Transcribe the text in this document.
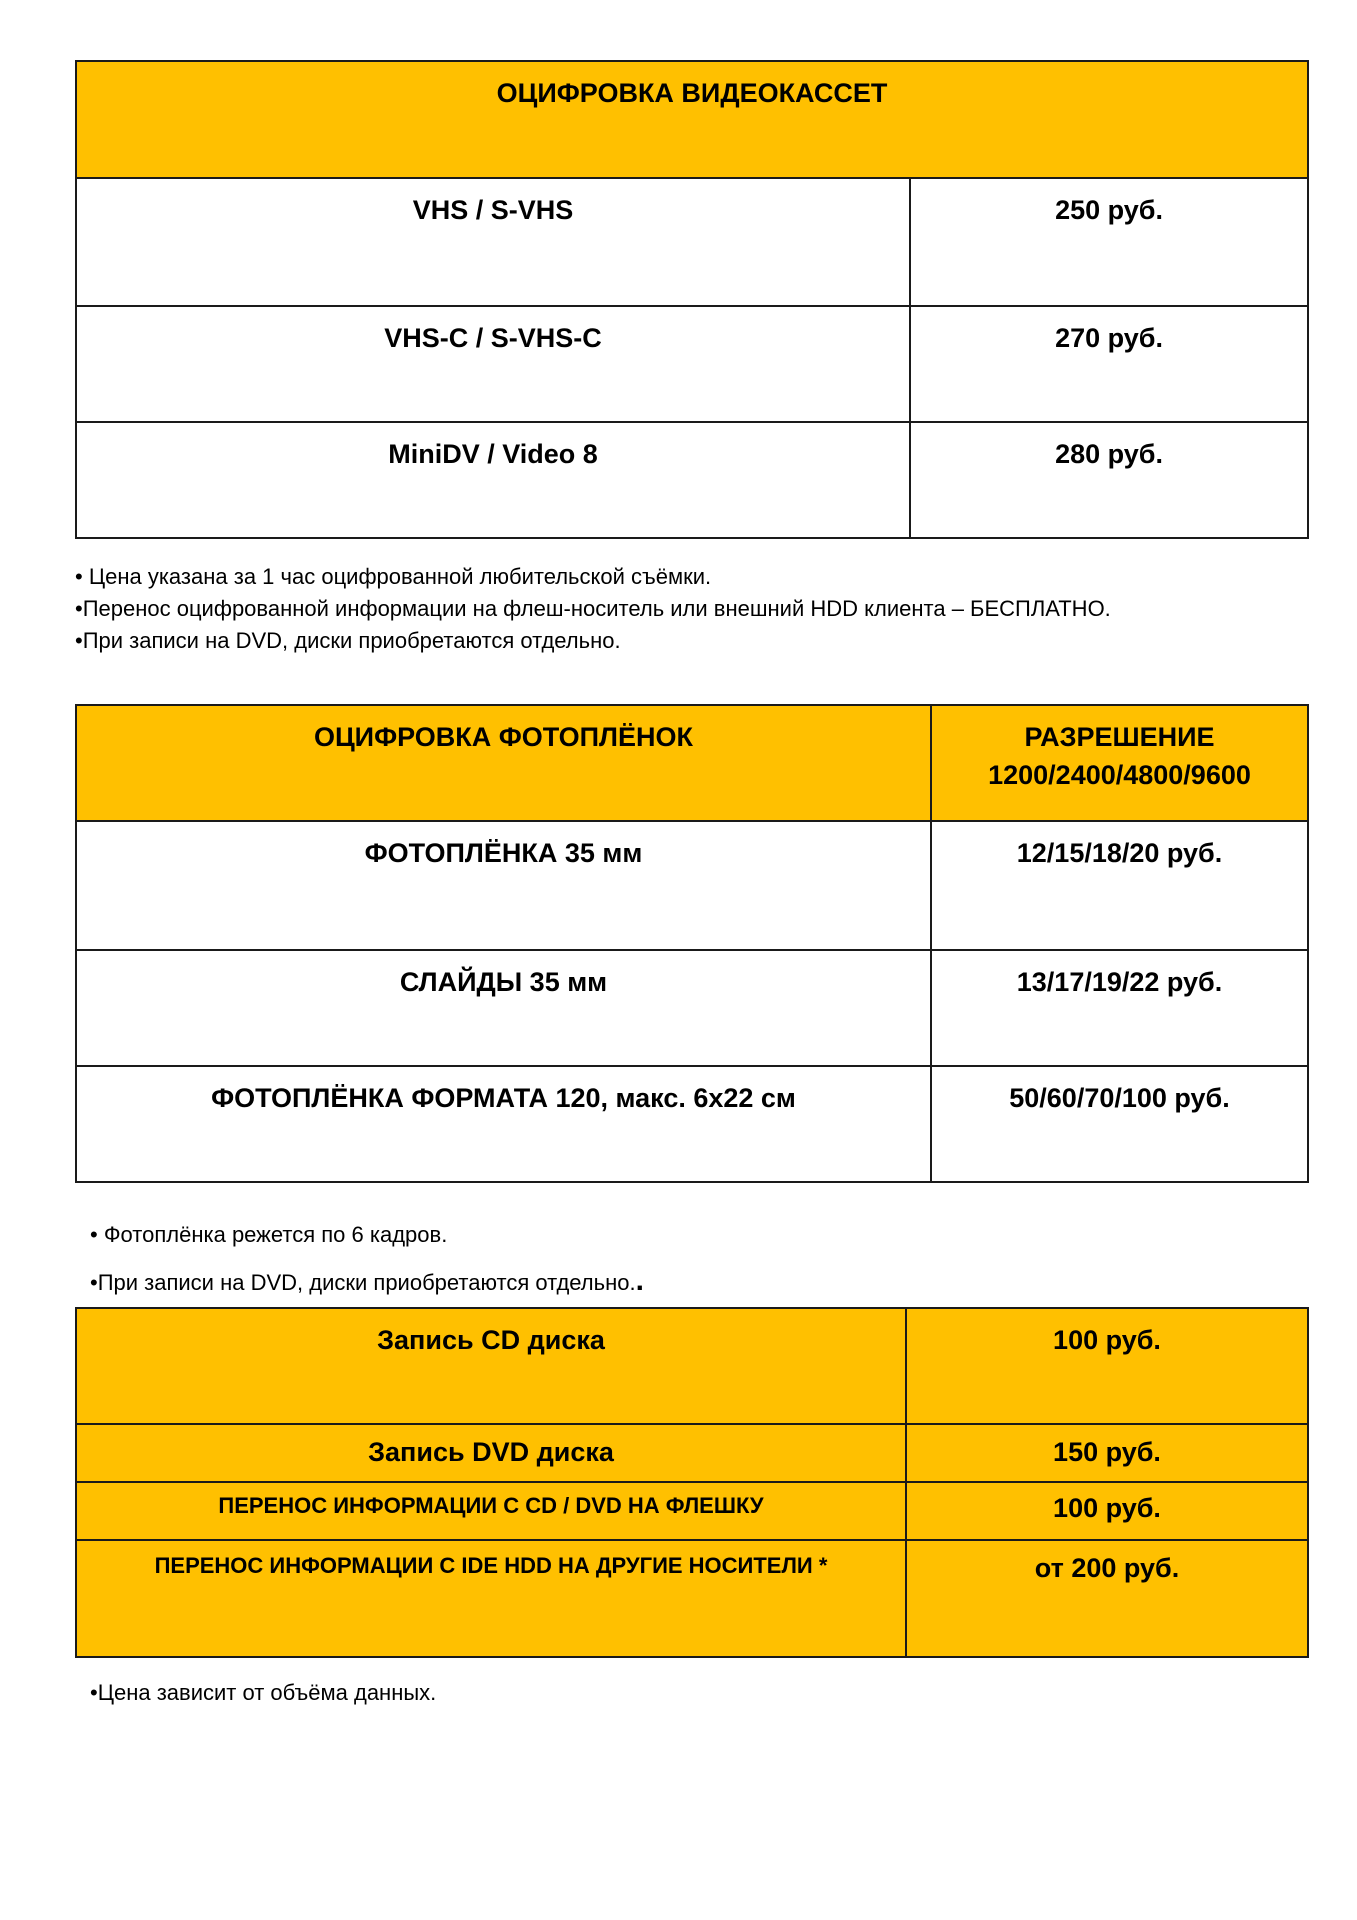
ОЦИФРОВКА ВИДЕОКАССЕТ	
VHS / S-VHS	250 руб.
VHS-C / S-VHS-C	270 руб.
MiniDV / Video 8	280 руб.
• Цена указана за 1 час оцифрованной любительской съёмки.
•Перенос оцифрованной информации на флеш-носитель или внешний HDD клиента – БЕСПЛАТНО.
•При записи на DVD, диски приобретаются отдельно.
ОЦИФРОВКА ФОТОПЛЁНОК	РАЗРЕШЕНИЕ
1200/2400/4800/9600

ФОТОПЛЁНКА 35 мм	12/15/18/20 руб.
СЛАЙДЫ 35 мм	13/17/19/22 руб.
ФОТОПЛЁНКА ФОРМАТА 120, макс. 6х22 см	50/60/70/100 руб.
• Фотоплёнка режется по 6 кадров.
•При записи на DVD, диски приобретаются отдельно..
Запись CD диска	100 руб.
Запись DVD диска	150 руб.
ПЕРЕНОС ИНФОРМАЦИИ С CD / DVD НА ФЛЕШКУ	100 руб.
ПЕРЕНОС ИНФОРМАЦИИ С IDE HDD НА ДРУГИЕ НОСИТЕЛИ *	от 200 руб.
•Цена зависит от объёма данных.
